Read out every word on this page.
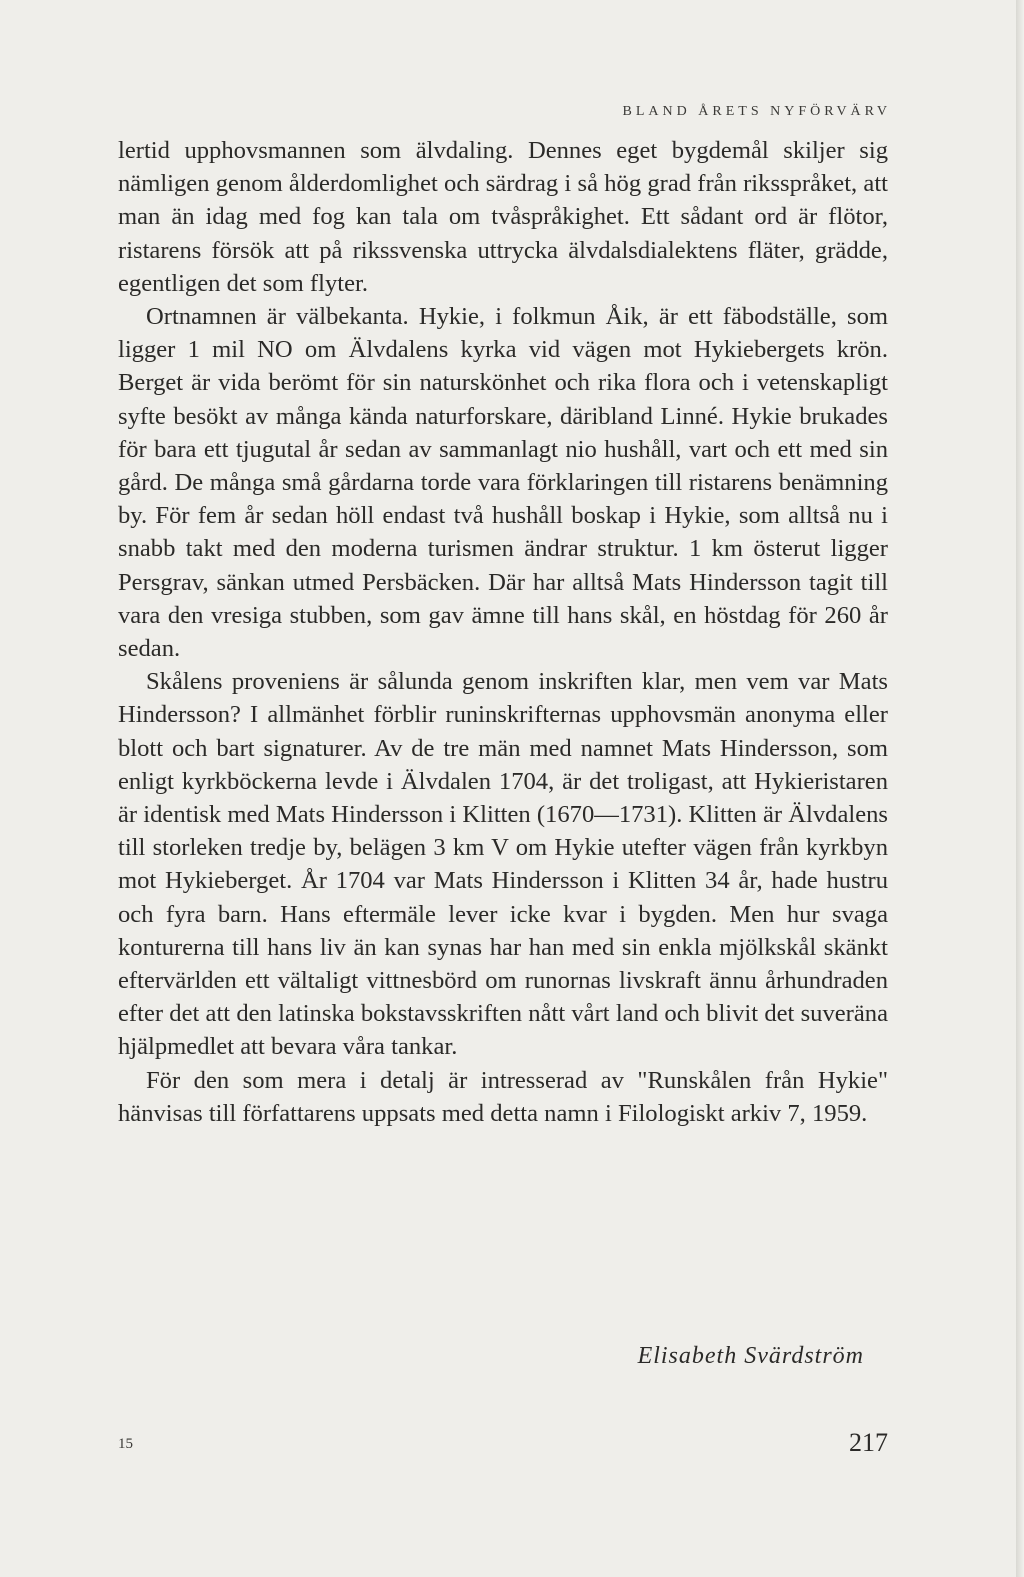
BLAND ÅRETS NYFÖRVÄRV

lertid upphovsmannen som älvdaling. Dennes eget bygdemål skiljer sig nämligen genom ålderdomlighet och särdrag i så hög grad från riksspråket, att man än idag med fog kan tala om tvåspråkighet. Ett sådant ord är flötor, ristarens försök att på rikssvenska uttrycka älvdalsdialektens fläter, grädde, egentligen det som flyter.

Ortnamnen är välbekanta. Hykie, i folkmun Åik, är ett fäbodställe, som ligger 1 mil NO om Älvdalens kyrka vid vägen mot Hykiebergets krön. Berget är vida berömt för sin naturskönhet och rika flora och i vetenskapligt syfte besökt av många kända naturforskare, däribland Linné. Hykie brukades för bara ett tjugutal år sedan av sammanlagt nio hushåll, vart och ett med sin gård. De många små gårdarna torde vara förklaringen till ristarens benämning by. För fem år sedan höll endast två hushåll boskap i Hykie, som alltså nu i snabb takt med den moderna turismen ändrar struktur. 1 km österut ligger Persgrav, sänkan utmed Persbäcken. Där har alltså Mats Hindersson tagit till vara den vresiga stubben, som gav ämne till hans skål, en höstdag för 260 år sedan.

Skålens proveniens är sålunda genom inskriften klar, men vem var Mats Hindersson? I allmänhet förblir runinskrifternas upphovsmän anonyma eller blott och bart signaturer. Av de tre män med namnet Mats Hindersson, som enligt kyrkböckerna levde i Älvdalen 1704, är det troligast, att Hykieristaren är identisk med Mats Hindersson i Klitten (1670—1731). Klitten är Älvdalens till storleken tredje by, belägen 3 km V om Hykie utefter vägen från kyrkbyn mot Hykieberget. År 1704 var Mats Hindersson i Klitten 34 år, hade hustru och fyra barn. Hans eftermäle lever icke kvar i bygden. Men hur svaga konturerna till hans liv än kan synas har han med sin enkla mjölkskål skänkt eftervärlden ett vältaligt vittnesbörd om runornas livskraft ännu århundraden efter det att den latinska bokstavsskriften nått vårt land och blivit det suveräna hjälpmedlet att bevara våra tankar.

För den som mera i detalj är intresserad av "Runskålen från Hykie" hänvisas till författarens uppsats med detta namn i Filologiskt arkiv 7, 1959.

Elisabeth Svärdström
15	217
